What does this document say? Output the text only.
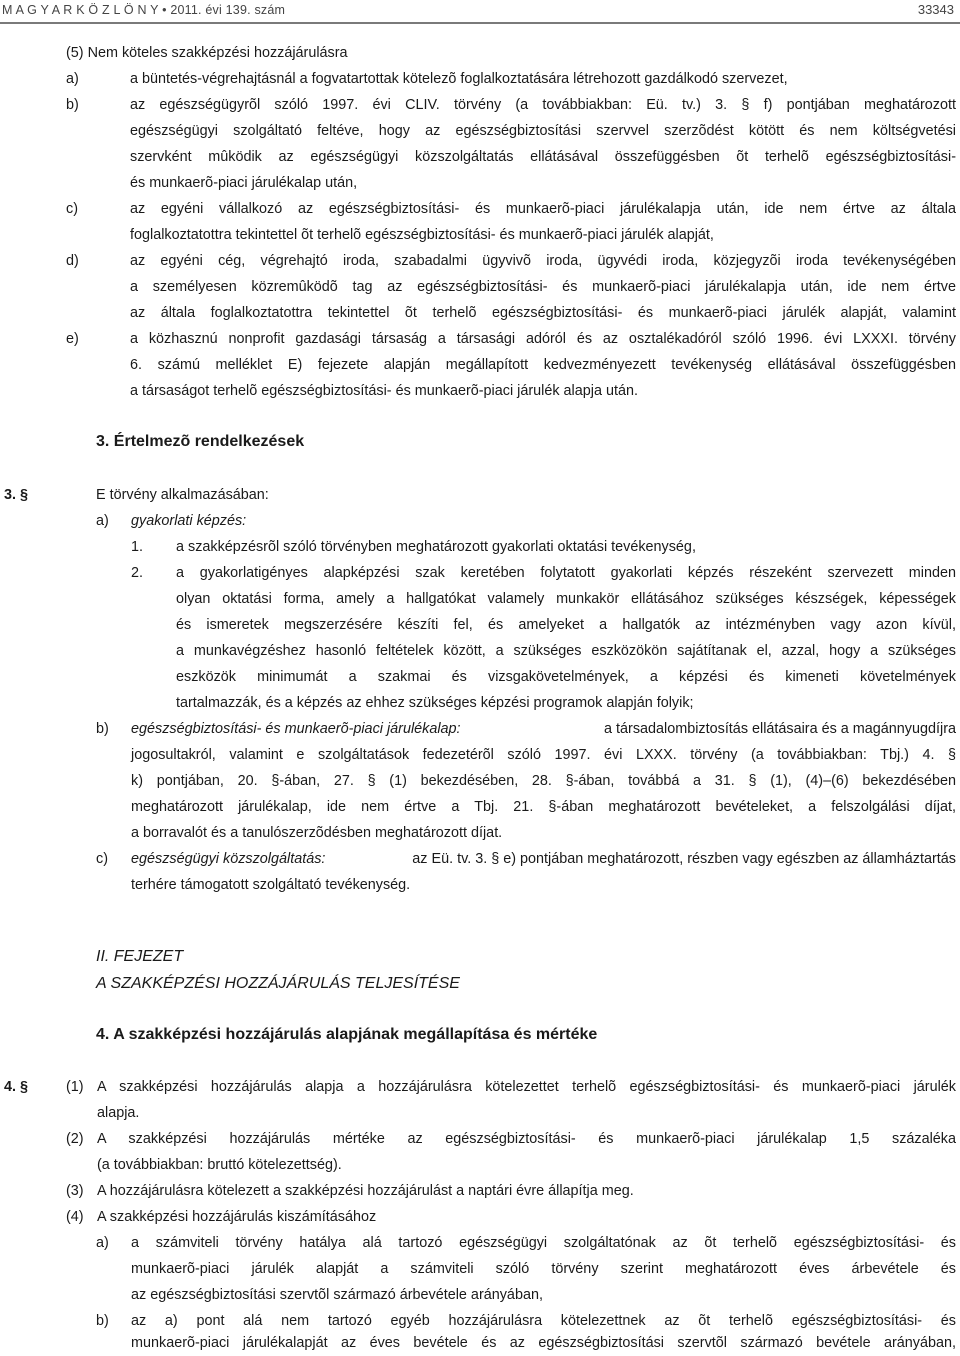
M A G Y A R K Ö Z L Ö N Y • 2011. évi 139. szám	33343
(5) Nem köteles szakképzési hozzájárulásra
a)	a büntetés-végrehajtásnál a fogvatartottak kötelezõ foglalkoztatására létrehozott gazdálkodó szervezet,
b)	az egészségügyrõl szóló 1997. évi CLIV. törvény (a továbbiakban: Eü. tv.) 3. § f) pontjában meghatározott
egészségügyi szolgáltató feltéve, hogy az egészségbiztosítási szervvel szerzõdést kötött és nem költségvetési
szervként mûködik az egészségügyi közszolgáltatás ellátásával összefüggésben õt terhelõ egészségbiztosítási-
és munkaerõ-piaci járulékalap után,
c)	az egyéni vállalkozó az egészségbiztosítási- és munkaerõ-piaci járulékalapja után, ide nem értve az általa
foglalkoztatottra tekintettel õt terhelõ egészségbiztosítási- és munkaerõ-piaci járulék alapját,
d)	az egyéni cég, végrehajtó iroda, szabadalmi ügyvivõ iroda, ügyvédi iroda, közjegyzõi iroda tevékenységében
a személyesen közremûködõ tag az egészségbiztosítási- és munkaerõ-piaci járulékalapja után, ide nem értve
az általa foglalkoztatottra tekintettel õt terhelõ egészségbiztosítási- és munkaerõ-piaci járulék alapját, valamint
e)	a közhasznú nonprofit gazdasági társaság a társasági adóról és az osztalékadóról szóló 1996. évi LXXXI. törvény
6. számú melléklet E) fejezete alapján megállapított kedvezményezett tevékenység ellátásával összefüggésben
a társaságot terhelõ egészségbiztosítási- és munkaerõ-piaci járulék alapja után.
3. Értelmezõ rendelkezések
3. §	E törvény alkalmazásában:
a) gyakorlati képzés:
1. a szakképzésrõl szóló törvényben meghatározott gyakorlati oktatási tevékenység,
2. a gyakorlatigényes alapképzési szak keretében folytatott gyakorlati képzés részeként szervezett minden
olyan oktatási forma, amely a hallgatókat valamely munkakör ellátásához szükséges készségek, képességek
és ismeretek megszerzésére készíti fel, és amelyeket a hallgatók az intézményben vagy azon kívül,
a munkavégzéshez hasonló feltételek között, a szükséges eszközökön sajátítanak el, azzal, hogy a szükséges
eszközök minimumát a szakmai és vizsgakövetelmények, a képzési és kimeneti követelmények
tartalmazzák, és a képzés az ehhez szükséges képzési programok alapján folyik;
b) egészségbiztosítási- és munkaerõ-piaci járulékalap:	a társadalombiztosítás ellátásaira és a magánnyugdíjra
jogosultakról, valamint e szolgáltatások fedezetérõl szóló 1997. évi LXXX. törvény (a továbbiakban: Tbj.) 4. §
k) pontjában, 20. §-ában, 27. § (1) bekezdésében, 28. §-ában, továbbá a 31. § (1), (4)–(6) bekezdésében
meghatározott járulékalap, ide nem értve a Tbj. 21. §-ában meghatározott bevételeket, a felszolgálási díjat,
a borravalót és a tanulószerzõdésben meghatározott díjat.
c) egészségügyi közszolgáltatás:	az Eü. tv. 3. § e) pontjában meghatározott, részben vagy egészben az államháztartás
terhére támogatott szolgáltató tevékenység.
II. FEJEZET
A SZAKKÉPZÉSI HOZZÁJÁRULÁS TELJESÍTÉSE
4. A szakképzési hozzájárulás alapjának megállapítása és mértéke
4. §	(1) A szakképzési hozzájárulás alapja a hozzájárulásra kötelezettet terhelõ egészségbiztosítási- és munkaerõ-piaci járulék
alapja.
(2) A szakképzési hozzájárulás mértéke az egészségbiztosítási- és munkaerõ-piaci járulékalap 1,5 százaléka
(a továbbiakban: bruttó kötelezettség).
(3) A hozzájárulásra kötelezett a szakképzési hozzájárulást a naptári évre állapítja meg.
(4) A szakképzési hozzájárulás kiszámításához
a) a számviteli törvény hatálya alá tartozó egészségügyi szolgáltatónak az õt terhelõ egészségbiztosítási- és
munkaerõ-piaci járulék alapját a számviteli szóló törvény szerint meghatározott éves árbevétele és
az egészségbiztosítási szervtõl származó árbevétele arányában,
b) az a) pont alá nem tartozó egyéb hozzájárulásra kötelezettnek az õt terhelõ egészségbiztosítási- és
munkaerõ-piaci járulékalapját az éves bevétele és az egészségbiztosítási szervtõl származó bevétele arányában,
